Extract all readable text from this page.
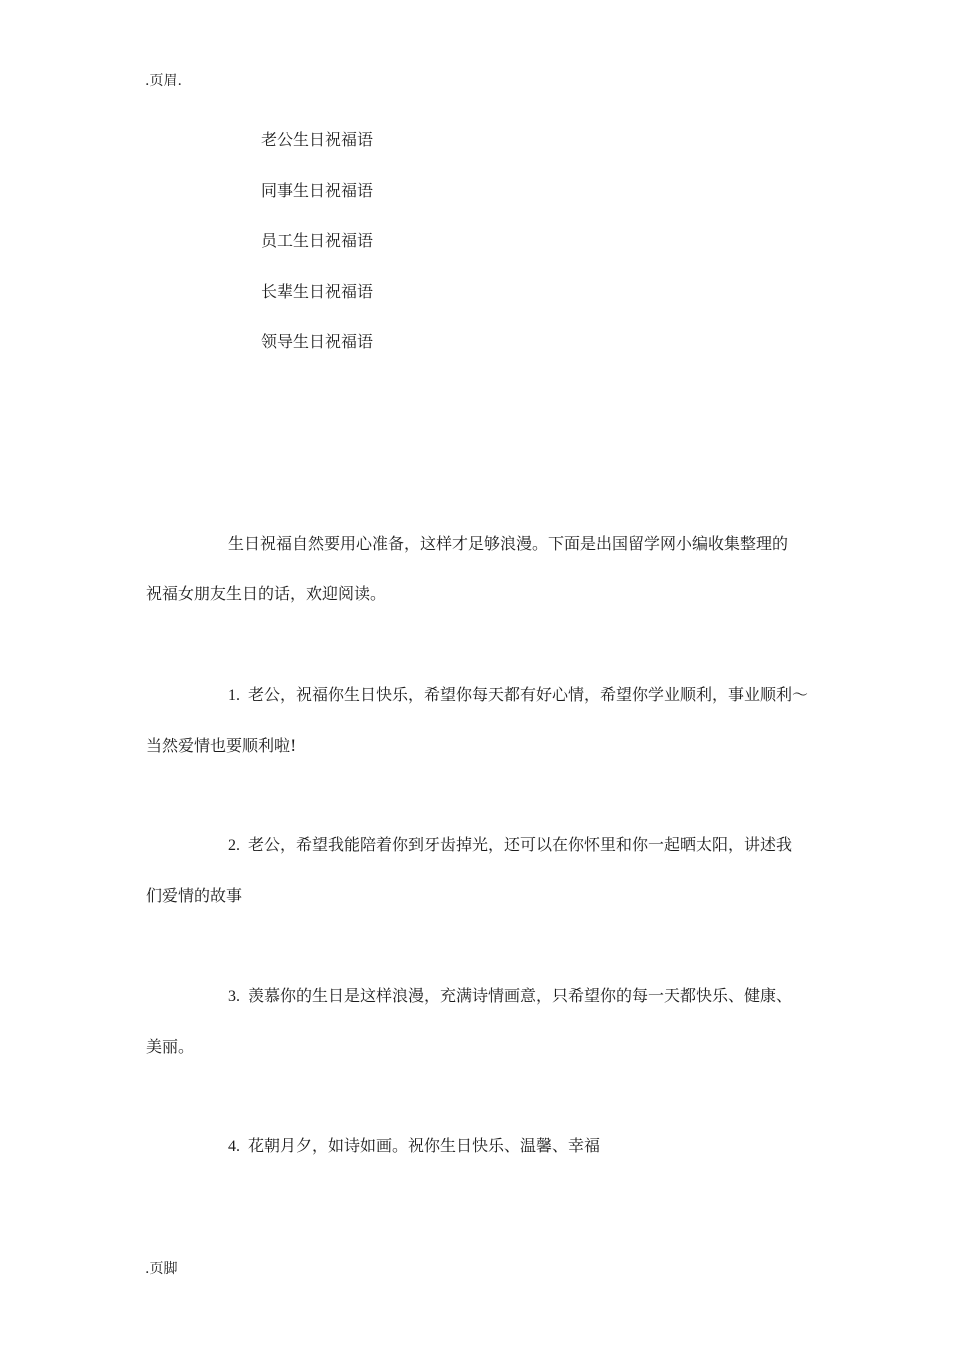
.页眉.
老公生日祝福语
同事生日祝福语
员工生日祝福语
长辈生日祝福语
领导生日祝福语
生日祝福自然要用心准备，这样才足够浪漫。下面是出国留学网小编收集整理的
祝福女朋友生日的话，欢迎阅读。
1. 老公，祝福你生日快乐，希望你每天都有好心情，希望你学业顺利，事业顺利～
当然爱情也要顺利啦!
2. 老公，希望我能陪着你到牙齿掉光，还可以在你怀里和你一起晒太阳，讲述我
们爱情的故事
3. 羡慕你的生日是这样浪漫，充满诗情画意，只希望你的每一天都快乐、健康、
美丽。
4. 花朝月夕，如诗如画。祝你生日快乐、温馨、幸福
.页脚
